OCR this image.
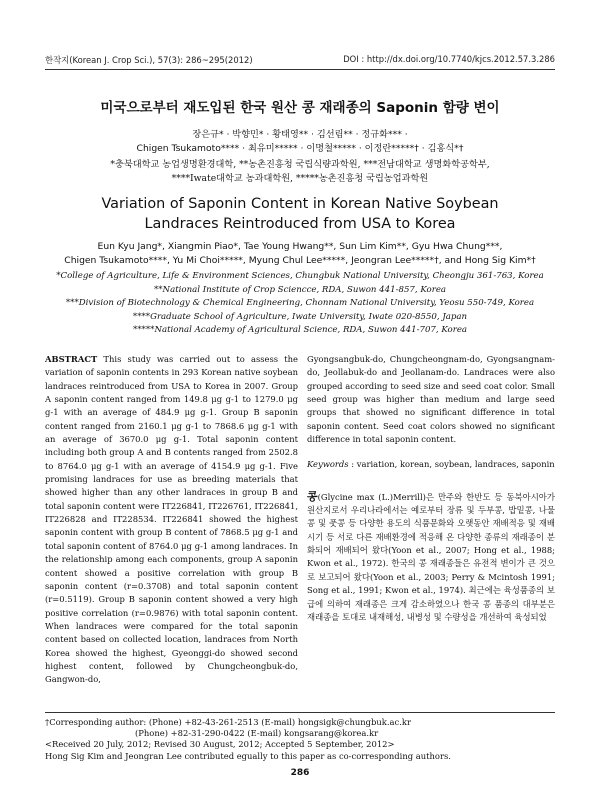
한작지(Korean J. Crop Sci.), 57(3): 286~295(2012)	DOI : http://dx.doi.org/10.7740/kjcs.2012.57.3.286
미국으로부터 재도입된 한국 원산 콩 재래종의 Saponin 함량 변이
장은규* · 박향민* · 황태영** · 김선림** · 정규화*** ·
Chigen Tsukamoto**** · 최유미***** · 이명철***** · 이정란*****† · 김홍식*†
*충북대학교 농업생명환경대학, **농촌진흥청 국립식량과학원, ***전남대학교 생명화학공학부,
****Iwate대학교 농과대학원, *****농촌진흥청 국립농업과학원
Variation of Saponin Content in Korean Native Soybean
Landraces Reintroduced from USA to Korea
Eun Kyu Jang*, Xiangmin Piao*, Tae Young Hwang**, Sun Lim Kim**, Gyu Hwa Chung***,
Chigen Tsukamoto****, Yu Mi Choi*****, Myung Chul Lee*****, Jeongran Lee*****†, and Hong Sig Kim*†
*College of Agriculture, Life & Environment Sciences, Chungbuk National University, Cheongju 361-763, Korea
**National Institute of Crop Sciencce, RDA, Suwon 441-857, Korea
***Division of Biotechnology & Chemical Engineering, Chonnam National University, Yeosu 550-749, Korea
****Graduate School of Agriculture, Iwate University, Iwate 020-8550, Japan
*****National Academy of Agricultural Science, RDA, Suwon 441-707, Korea
ABSTRACT This study was carried out to assess the variation of saponin contents in 293 Korean native soybean landraces reintroduced from USA to Korea in 2007. Group A saponin content ranged from 149.8 μg g-1 to 1279.0 μg g-1 with an average of 484.9 μg g-1. Group B saponin content ranged from 2160.1 μg g-1 to 7868.6 μg g-1 with an average of 3670.0 μg g-1. Total saponin content including both group A and B contents ranged from 2502.8 to 8764.0 μg g-1 with an average of 4154.9 μg g-1. Five promising landraces for use as breeding materials that showed higher than any other landraces in group B and total saponin content were IT226841, IT226761, IT226841, IT226828 and IT228534. IT226841 showed the highest saponin content with group B content of 7868.5 μg g-1 and total saponin content of 8764.0 μg g-1 among landraces. In the relationship among each components, group A saponin content showed a positive correlation with group B saponin content (r=0.3708) and total saponin content (r=0.5119). Group B saponin content showed a very high positive correlation (r=0.9876) with total saponin content. When landraces were compared for the total saponin content based on collected location, landraces from North Korea showed the highest, Gyeonggi-do showed second highest content, followed by Chungcheongbuk-do, Gangwon-do,
Gyongsangbuk-do, Chungcheongnam-do, Gyongsangnam-do, Jeollabuk-do and Jeollanam-do. Landraces were also grouped according to seed size and seed coat color. Small seed group was higher than medium and large seed groups that showed no significant difference in total saponin content. Seed coat colors showed no significant difference in total saponin content.
Keywords : variation, korean, soybean, landraces, saponin
콩(Glycine max (L.)Merrill)은 만주와 한반도 등 동북아시아가 원산지로서 우리나라에서는 예로부터 장류 및 두부콩, 밥밑콩, 나물콩 및 풋콩 등 다양한 용도의 식품문화와 오랫동안 재배적응 및 재배시기 등 서로 다른 재배환경에 적응해 온 다양한 종류의 재래종이 분화되어 재배되어 왔다(Yoon et al., 2007; Hong et al., 1988; Kwon et al., 1972). 한국의 콩 재래종들은 유전적 변이가 큰 것으로 보고되어 왔다(Yoon et al., 2003; Perry & Mcintosh 1991; Song et al., 1991; Kwon et al., 1974). 최근에는 육성품종의 보급에 의하여 재래종은 크게 감소하였으나 한국 콩 품종의 대부분은 재래종을 토대로 내재해성, 내병성 및 수량성을 개선하여 육성되었
†Corresponding author: (Phone) +82-43-261-2513 (E-mail) hongsigk@chungbuk.ac.kr
(Phone) +82-31-290-0422 (E-mail) kongsarang@korea.kr
<Received 20 July, 2012; Revised 30 August, 2012; Accepted 5 September, 2012>
Hong Sig Kim and Jeongran Lee contributed egually to this paper as co-corresponding authors.
286
